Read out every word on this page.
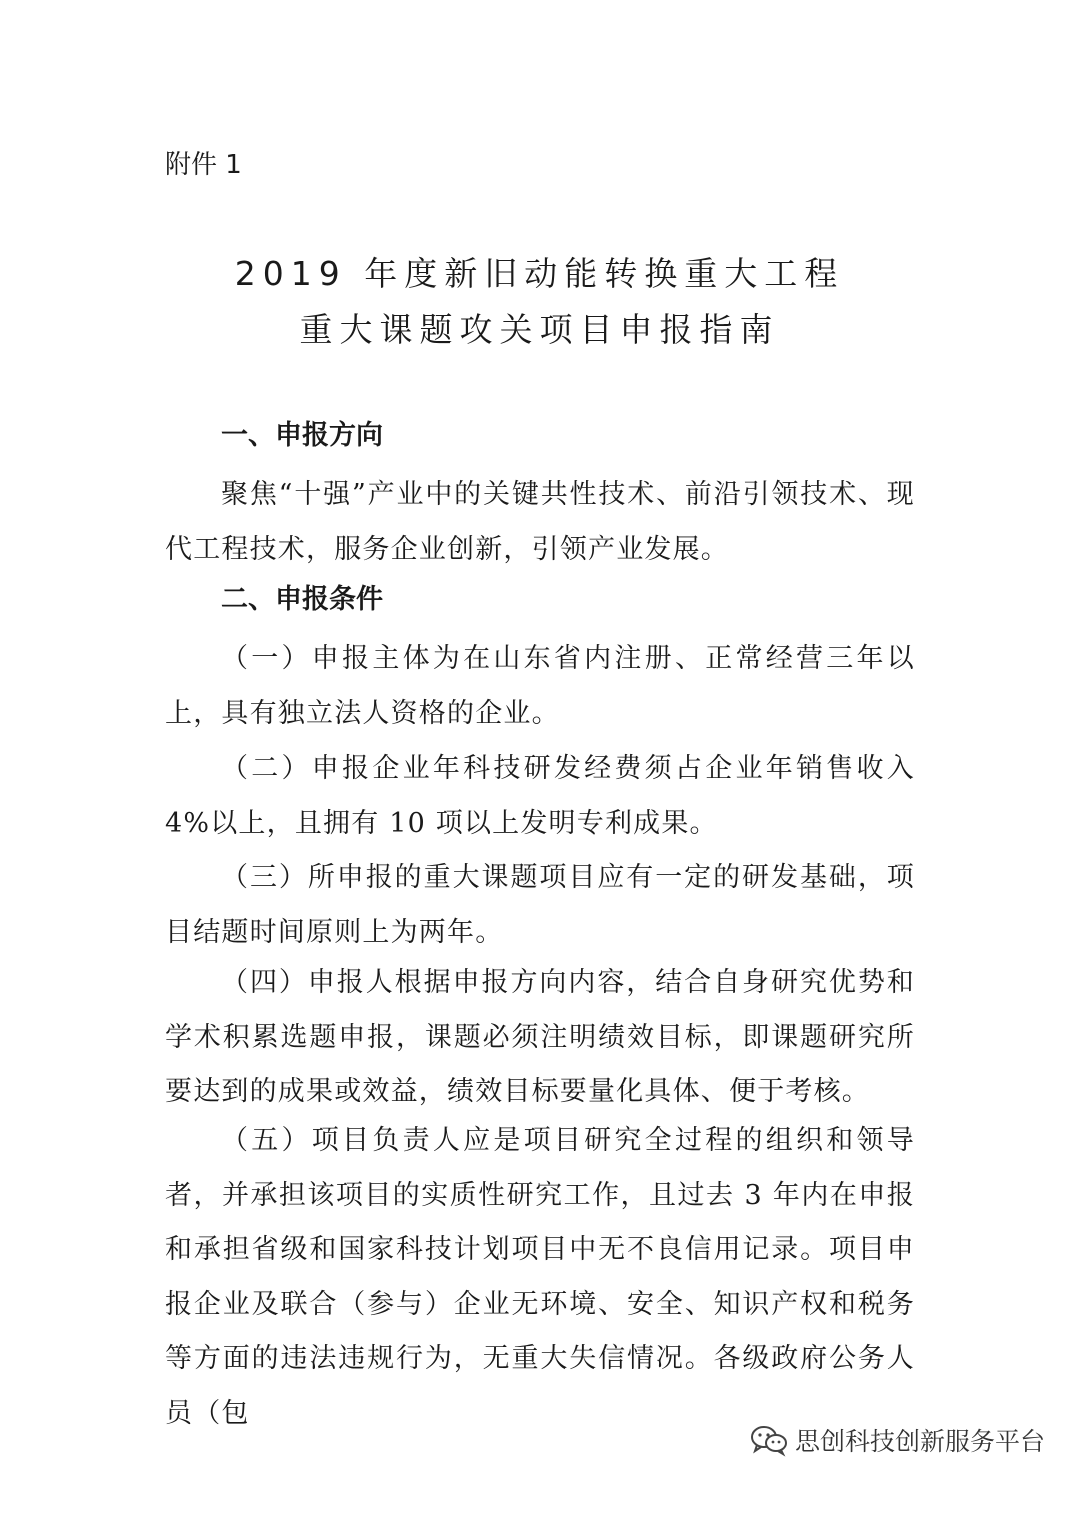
附件 1

2019 年度新旧动能转换重大工程
重大课题攻关项目申报指南
一、申报方向

聚焦“十强”产业中的关键共性技术、前沿引领技术、现代工程技术，服务企业创新，引领产业发展。

二、申报条件

（一）申报主体为在山东省内注册、正常经营三年以上，具有独立法人资格的企业。

（二）申报企业年科技研发经费须占企业年销售收入 4%以上，且拥有 10 项以上发明专利成果。

（三）所申报的重大课题项目应有一定的研发基础，项目结题时间原则上为两年。

（四）申报人根据申报方向内容，结合自身研究优势和学术积累选题申报，课题必须注明绩效目标，即课题研究所要达到的成果或效益，绩效目标要量化具体、便于考核。

（五）项目负责人应是项目研究全过程的组织和领导者，并承担该项目的实质性研究工作，且过去 3 年内在申报和承担省级和国家科技计划项目中无不良信用记录。项目申报企业及联合（参与）企业无环境、安全、知识产权和税务等方面的违法违规行为，无重大失信情况。各级政府公务人员（包

思创科技创新服务平台
